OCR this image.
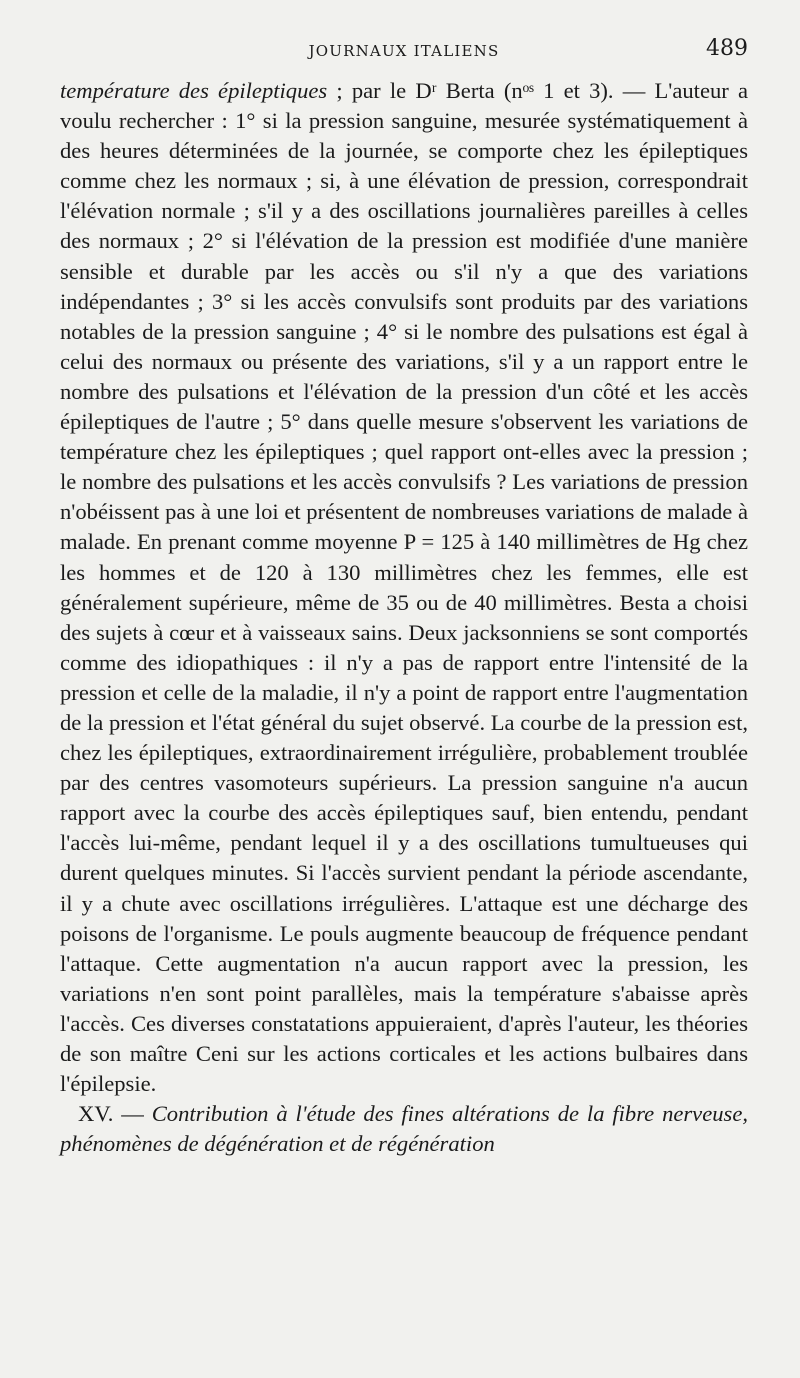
JOURNAUX ITALIENS	489

température des épileptiques ; par le Dʳ Berta (nᵒˢ 1 et 3). — L'auteur a voulu rechercher : 1° si la pression sanguine, mesurée systématiquement à des heures déterminées de la journée, se comporte chez les épileptiques comme chez les normaux ; si, à une élévation de pression, correspondrait l'élévation normale ; s'il y a des oscillations journalières pareilles à celles des normaux ; 2° si l'élévation de la pression est modifiée d'une manière sensible et durable par les accès ou s'il n'y a que des variations indépendantes ; 3° si les accès convulsifs sont produits par des variations notables de la pression sanguine ; 4° si le nombre des pulsations est égal à celui des normaux ou présente des variations, s'il y a un rapport entre le nombre des pulsations et l'élévation de la pression d'un côté et les accès épileptiques de l'autre ; 5° dans quelle mesure s'observent les variations de température chez les épileptiques ; quel rapport ont-elles avec la pression ; le nombre des pulsations et les accès convulsifs ? Les variations de pression n'obéissent pas à une loi et présentent de nombreuses variations de malade à malade. En prenant comme moyenne P = 125 à 140 millimètres de Hg chez les hommes et de 120 à 130 millimètres chez les femmes, elle est généralement supérieure, même de 35 ou de 40 millimètres. Besta a choisi des sujets à cœur et à vaisseaux sains. Deux jacksonniens se sont comportés comme des idiopathiques : il n'y a pas de rapport entre l'intensité de la pression et celle de la maladie, il n'y a point de rapport entre l'augmentation de la pression et l'état général du sujet observé. La courbe de la pression est, chez les épileptiques, extraordinairement irrégulière, probablement troublée par des centres vasomoteurs supérieurs. La pression sanguine n'a aucun rapport avec la courbe des accès épileptiques sauf, bien entendu, pendant l'accès lui-même, pendant lequel il y a des oscillations tumultueuses qui durent quelques minutes. Si l'accès survient pendant la période ascendante, il y a chute avec oscillations irrégulières. L'attaque est une décharge des poisons de l'organisme. Le pouls augmente beaucoup de fréquence pendant l'attaque. Cette augmentation n'a aucun rapport avec la pression, les variations n'en sont point parallèles, mais la température s'abaisse après l'accès. Ces diverses constatations appuieraient, d'après l'auteur, les théories de son maître Ceni sur les actions corticales et les actions bulbaires dans l'épilepsie.

XV. — Contribution à l'étude des fines altérations de la fibre nerveuse, phénomènes de dégénération et de régénération
